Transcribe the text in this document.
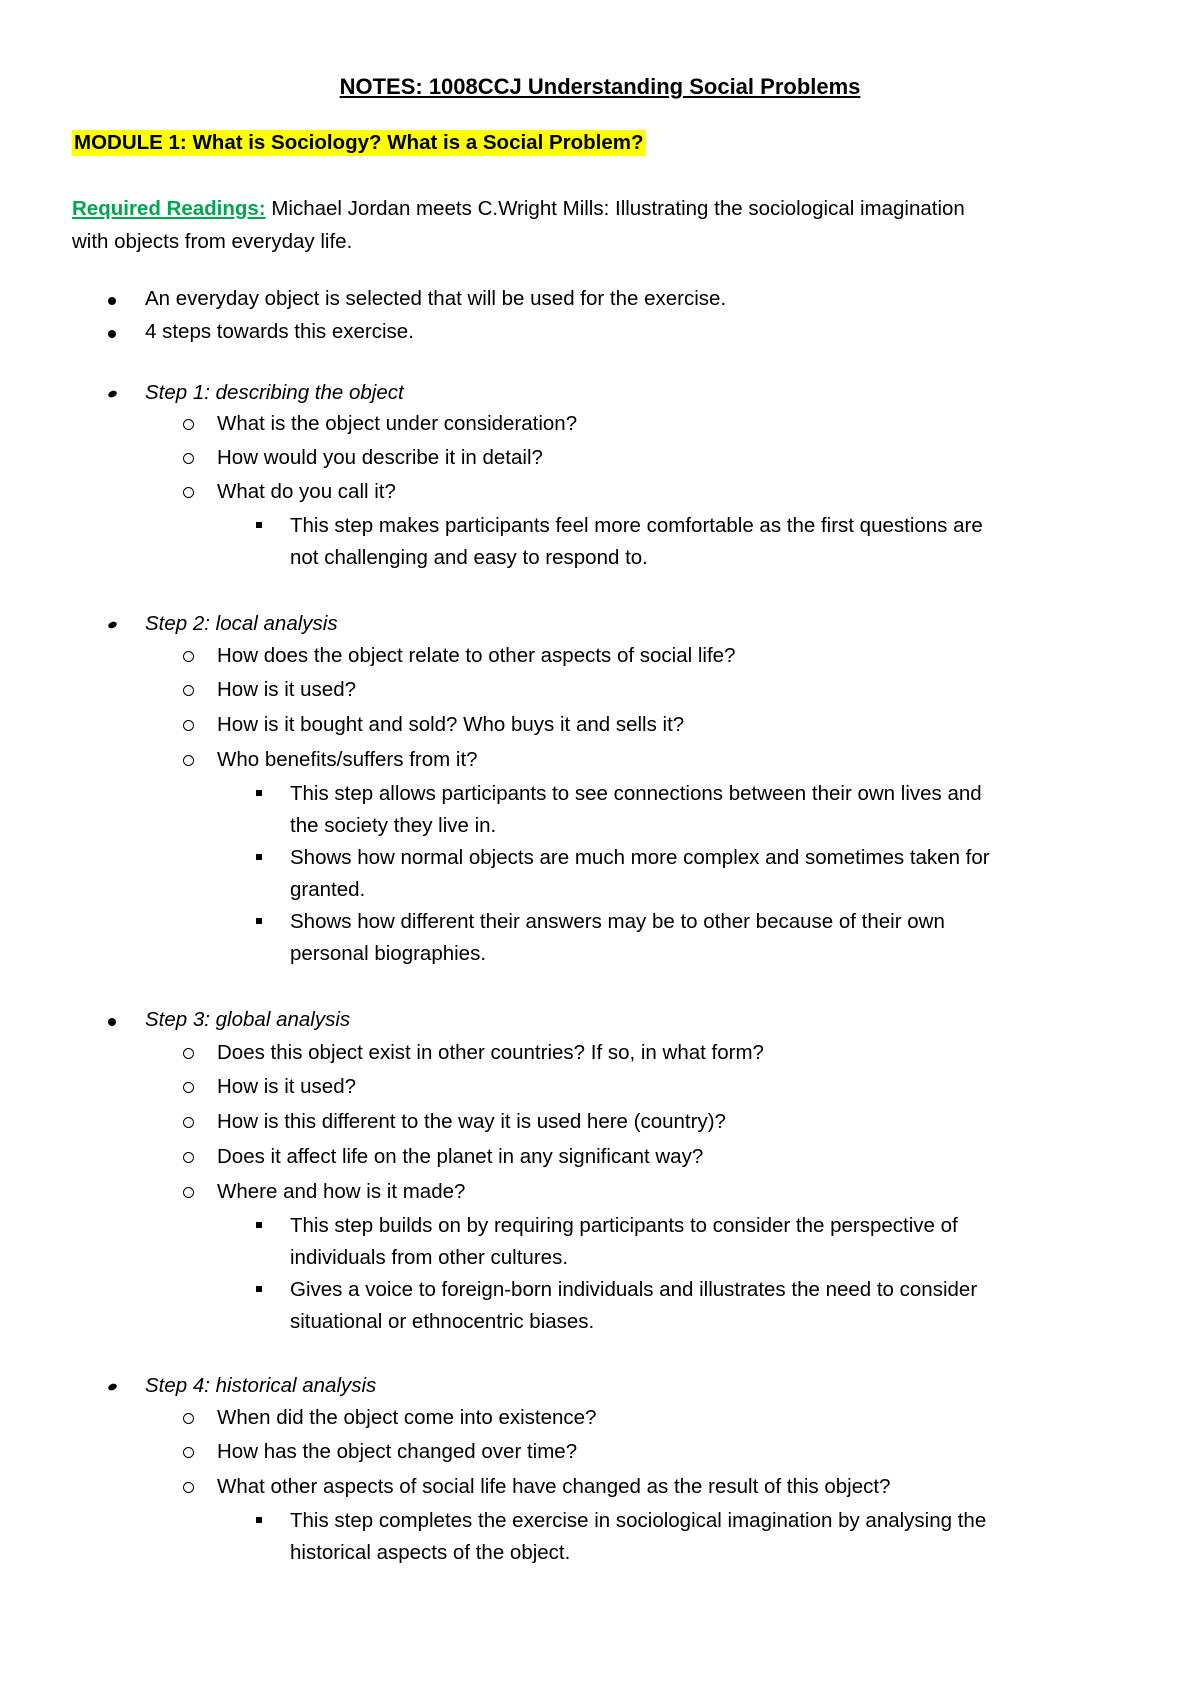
NOTES: 1008CCJ Understanding Social Problems
MODULE 1: What is Sociology? What is a Social Problem?
Required Readings: Michael Jordan meets C.Wright Mills: Illustrating the sociological imagination
with objects from everyday life.
An everyday object is selected that will be used for the exercise.
4 steps towards this exercise.
Step 1: describing the object
What is the object under consideration?
How would you describe it in detail?
What do you call it?
This step makes participants feel more comfortable as the first questions are
not challenging and easy to respond to.
Step 2: local analysis
How does the object relate to other aspects of social life?
How is it used?
How is it bought and sold? Who buys it and sells it?
Who benefits/suffers from it?
This step allows participants to see connections between their own lives and
the society they live in.
Shows how normal objects are much more complex and sometimes taken for
granted.
Shows how different their answers may be to other because of their own
personal biographies.
Step 3: global analysis
Does this object exist in other countries? If so, in what form?
How is it used?
How is this different to the way it is used here (country)?
Does it affect life on the planet in any significant way?
Where and how is it made?
This step builds on by requiring participants to consider the perspective of
individuals from other cultures.
Gives a voice to foreign-born individuals and illustrates the need to consider
situational or ethnocentric biases.
Step 4: historical analysis
When did the object come into existence?
How has the object changed over time?
What other aspects of social life have changed as the result of this object?
This step completes the exercise in sociological imagination by analysing the
historical aspects of the object.
